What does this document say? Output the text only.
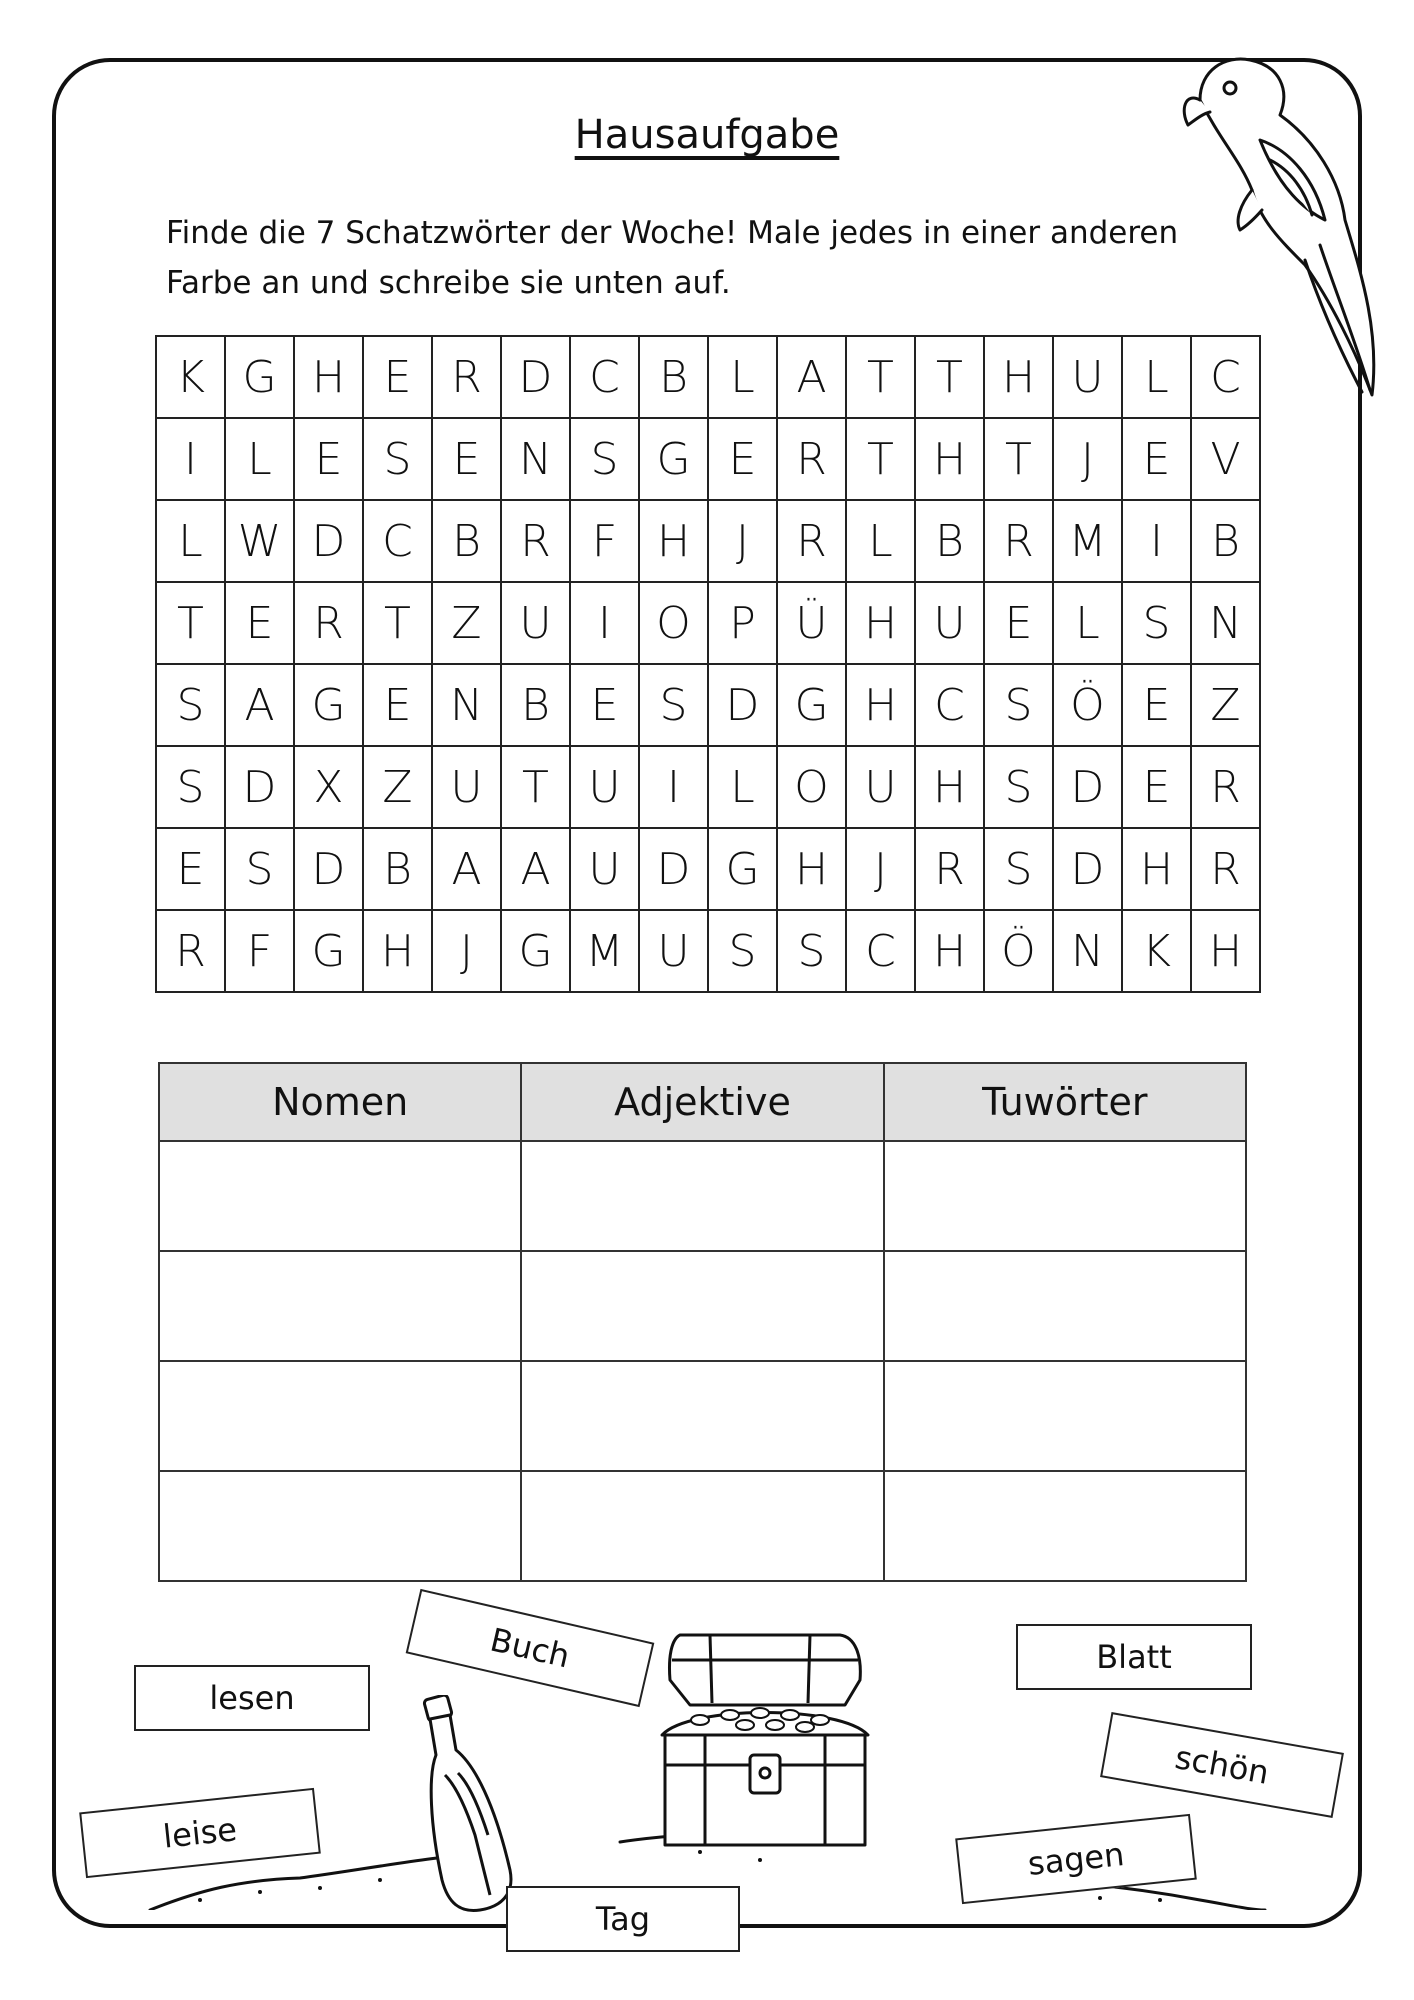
Hausaufgabe
Finde die 7 Schatzwörter der Woche! Male jedes in einer anderen
Farbe an und schreibe sie unten auf.
K	G	H	E	R	D	C	B	L	A	T	T	H	U	L	C
I	L	E	S	E	N	S	G	E	R	T	H	T	J	E	V
L	W	D	C	B	R	F	H	J	R	L	B	R	M	I	B
T	E	R	T	Z	U	I	O	P	Ü	H	U	E	L	S	N
S	A	G	E	N	B	E	S	D	G	H	C	S	Ö	E	Z
S	D	X	Z	U	T	U	I	L	O	U	H	S	D	E	R
E	S	D	B	A	A	U	D	G	H	J	R	S	D	H	R
R	F	G	H	J	G	M	U	S	S	C	H	Ö	N	K	H
Nomen	Adjektive	Tuwörter

Buch
lesen
Blatt
schön
leise
sagen
Tag
